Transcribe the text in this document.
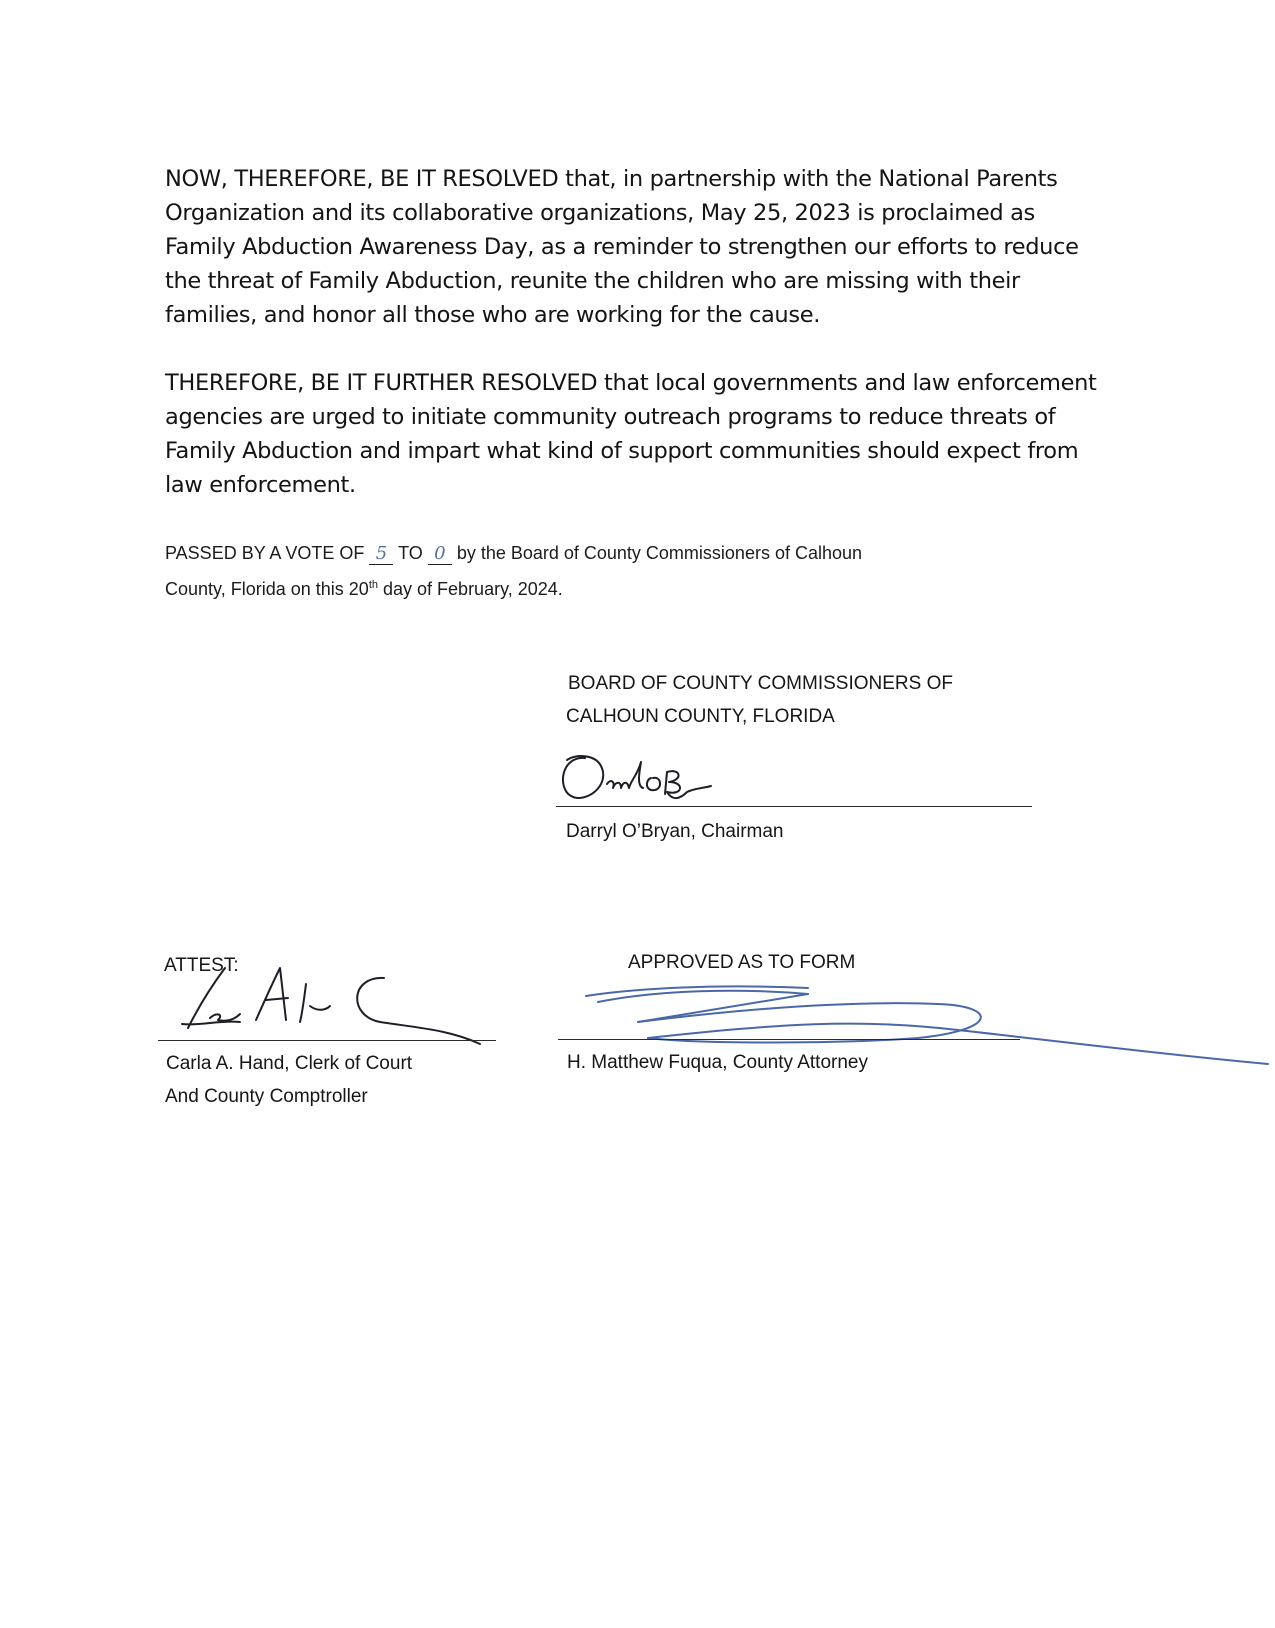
NOW, THEREFORE, BE IT RESOLVED that, in partnership with the National Parents Organization and its collaborative organizations, May 25, 2023 is proclaimed as Family Abduction Awareness Day, as a reminder to strengthen our efforts to reduce the threat of Family Abduction, reunite the children who are missing with their families, and honor all those who are working for the cause.

THEREFORE, BE IT FURTHER RESOLVED that local governments and law enforcement agencies are urged to initiate community outreach programs to reduce threats of Family Abduction and impart what kind of support communities should expect from law enforcement.

PASSED BY A VOTE OF 5 TO 0 by the Board of County Commissioners of Calhoun

County, Florida on this 20th day of February, 2024.

BOARD OF COUNTY COMMISSIONERS OF

CALHOUN COUNTY, FLORIDA

Darryl O’Bryan, Chairman

ATTEST:

Carla A. Hand, Clerk of Court

And County Comptroller

APPROVED AS TO FORM

H. Matthew Fuqua, County Attorney
